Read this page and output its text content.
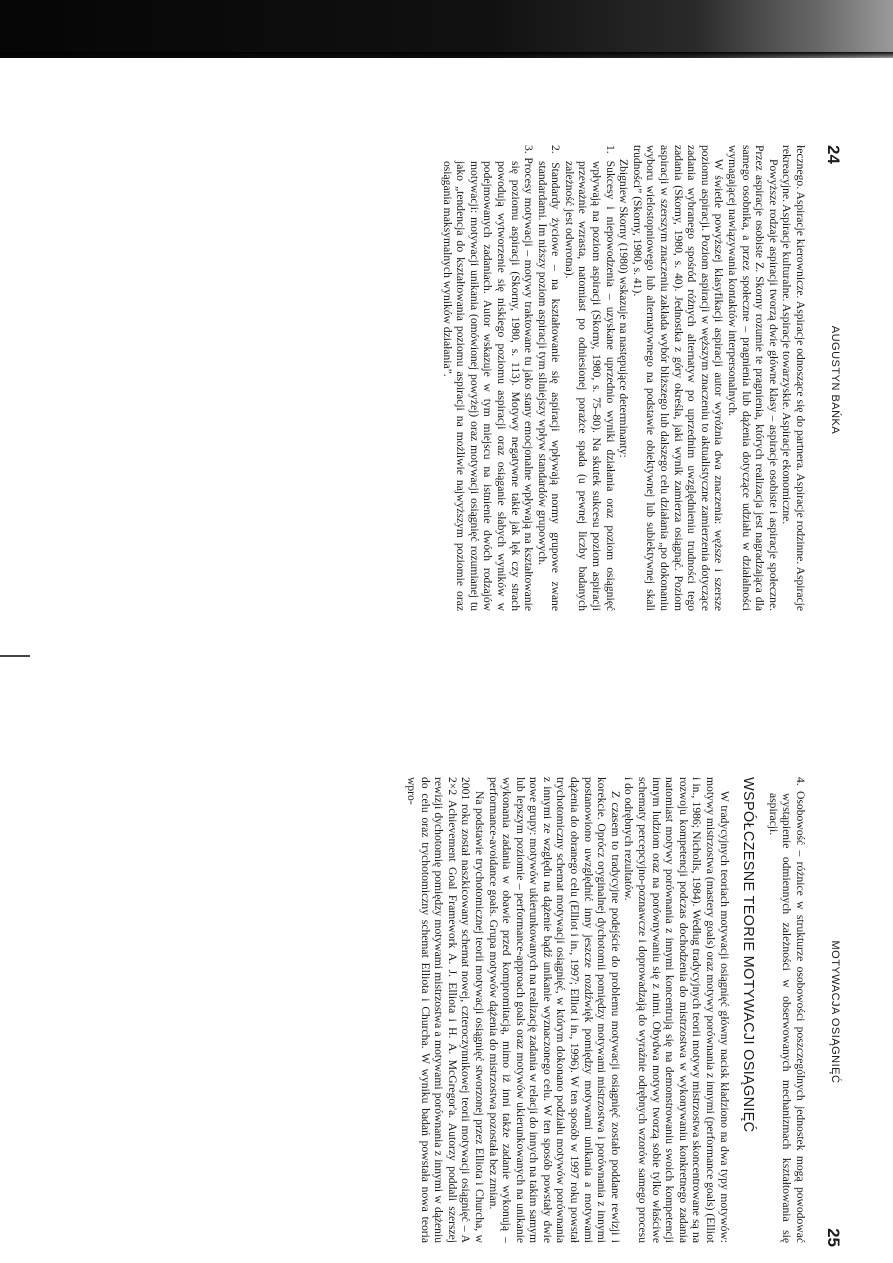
24
AUGUSTYN BAŃKA

łecznego. Aspiracje kierownicze. Aspiracje odnoszące się do partnera. Aspiracje rodzinne. Aspiracje rekreacyjne. Aspiracje kulturalne. Aspiracje towarzyskie. Aspiracje ekonomiczne.

Powyższe rodzaje aspiracji tworzą dwie główne klasy – aspiracje osobiste i aspiracje społeczne. Przez aspiracje osobiste Z. Skorny rozumie te pragnienia, których realizacja jest nagradzająca dla samego osobnika, a przez społeczne – pragnienia lub dążenia dotyczące udziału w działalności wymagającej nawiązywania kontaktów interpersonalnych.

W świetle powyższej klasyfikacji aspiracji autor wyróżnia dwa znaczenia: węższe i szersze poziomu aspiracji. Poziom aspiracji w węższym znaczeniu to aktualistyczne zamierzenia dotyczące zadania wybranego spośród różnych alternatyw po uprzednim uwzględnieniu trudności tego zadania (Skorny, 1980, s. 40). Jednostka z góry określa, jaki wynik zamierza osiągnąć. Poziom aspiracji w szerszym znaczeniu zakłada wybór bliższego lub dalszego celu działania „po dokonaniu wyboru wielostopniowego lub alternatywnego na podstawie obiektywnej lub subiektywnej skali trudności” (Skorny, 1980, s. 41).

Zbigniew Skorny (1980) wskazuje na następujące determinanty:

1. Sukcesy i niepowodzenia – uzyskane uprzednio wyniki działania oraz poziom osiągnięć wpływają na poziom aspiracji (Skorny, 1980, s. 75–80). Na skutek sukcesu poziom aspiracji przeważnie wzrasta, natomiast po odniesionej porażce spada (u pewnej liczby badanych zależność jest odwrotna).

2. Standardy życiowe – na kształtowanie się aspiracji wpływają normy grupowe zwane standardami. Im niższy poziom aspiracji tym silniejszy wpływ standardów grupowych.

3. Procesy motywacji – motywy traktowane tu jako stany emocjonalne wpływają na kształtowanie się poziomu aspiracji (Skorny, 1980, s. 113). Motywy negatywne takie jak lęk czy strach powodują wytworzenie się niskiego poziomu aspiracji oraz osiąganie słabych wyników w podejmowanych zadaniach. Autor wskazuje w tym miejscu na istnienie dwóch rodzajów motywacji: motywacji unikania (omówionej powyżej) oraz motywacji osiągnięć rozumianej tu jako „tendencja do kształtowania poziomu aspiracji na możliwie najwyższym poziomie oraz osiągania maksymalnych wyników działania”.

MOTYWACJA OSIĄGNIĘĆ
25

4. Osobowość – różnice w strukturze osobowości poszczególnych jednostek mogą powodować wystąpienie odmiennych zależności w obserwowanych mechanizmach kształtowania się aspiracji.

WSPÓŁCZESNE TEORIE MOTYWACJI OSIĄGNIĘĆ

W tradycyjnych teoriach motywacji osiągnięć główny nacisk kładziono na dwa typy motywów: motywy mistrzostwa (mastery goals) oraz motywy porównania z innymi (performance goals) (Elliot i in., 1986; Nicholls, 1984). Według tradycyjnych teorii motywy mistrzostwa skoncentrowane są na rozwoju kompetencji podczas dochodzenia do mistrzostwa w wykonywaniu konkretnego zadania natomiast motywy porównania z innymi koncentrują się na demonstrowaniu swoich kompetencji innym ludziom oraz na porównywaniu się z nimi. Obydwa motywy tworzą sobie tylko właściwe schematy percepcyjno-poznawcze i doprowadzają do wyraźnie odrębnych wzorów samego procesu i do odrębnych rezultatów.

Z czasem to tradycyjne podejście do problemu motywacji osiągnięć zostało poddane rewizji i korekcie. Oprócz oryginalnej dychotomii pomiędzy motywami mistrzostwa i porównania z innymi postanowiono uwzględnić inny jeszcze rozdźwięk pomiędzy motywami unikania a motywami dążenia do obranego celu (Elliot i in., 1997; Elliot i in., 1996). W ten sposób w 1997 roku powstał trychotomiczny schemat motywacji osiągnięć, w którym dokonano podziału motywów porównania z innymi ze względu na dążenie bądź unikanie wyznaczonego celu. W ten sposób powstały dwie nowe grupy: motywów ukierunkowanych na realizację zadania w relacji do innych na takim samym lub lepszym poziomie – performance-approach goals oraz motywów ukierunkowanych na unikanie wykonania zadania w obawie przed kompromitacją, mimo iż inni także zadanie wykonują – performance-avoidance goals. Grupa motywów dążenia do mistrzostwa pozostała bez zmian.

Na podstawie trychotomicznej teorii motywacji osiągnięć stworzonej przez Elliota i Churcha, w 2001 roku został naszkicowany schemat nowej, czteroczynnikowej teorii motywacji osiągnięć – A 2×2 Achievement Goal Framework A. J. Elliota i H. A. McGregor'a. Autorzy poddali szerszej rewizji dychotomię pomiędzy motywami mistrzostwa a motywami porównania z innymi w dążeniu do celu oraz trychotomiczny schemat Elliota i Churcha. W wyniku badań powstała nowa teoria wpro-
